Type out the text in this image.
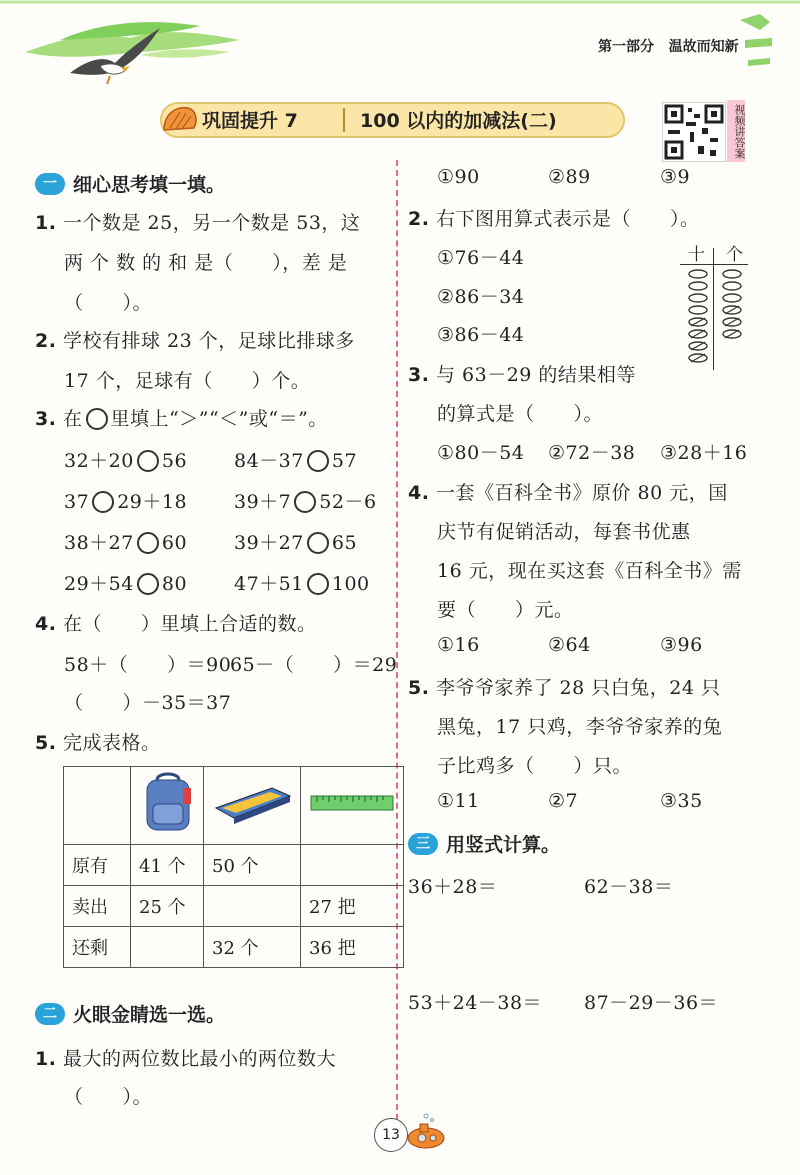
第一部分 温故而知新
巩固提升 7	100 以内的加减法(二)	视频讲答案
一 细心思考填一填。
1. 一个数是 25，另一个数是 53，这
两 个 数 的 和 是（　　），差 是
（　　）。
2. 学校有排球 23 个，足球比排球多
17 个，足球有（　　）个。
3. 在 里填上“＞”“＜”或“＝”。
32＋20 56 84－37 57
37 29＋18 39＋7 52－6
38＋27 60 39＋27 65
29＋54 80 47＋51 100
4. 在（　　）里填上合适的数。
58＋（　　）＝90
65－（　　）＝29
（　　）－35＝37
5. 完成表格。

原有	41 个	50 个	
卖出	25 个		27 把
还剩		32 个	36 把
二 火眼金睛选一选。
1. 最大的两位数比最小的两位数大
（　　）。
①90	②89	③9
2. 右下图用算式表示是（　　）。
①76－44
②86－34
③86－44
十 个
3. 与 63－29 的结果相等
的算式是（　　）。
①80－54 ②72－38 ③28＋16
4. 一套《百科全书》原价 80 元，国
庆节有促销活动，每套书优惠
16 元，现在买这套《百科全书》需
要（　　）元。
①16	②64	③96
5. 李爷爷家养了 28 只白兔，24 只
黑兔，17 只鸡，李爷爷家养的兔
子比鸡多（　　）只。
①11	②7	③35
三 用竖式计算。
36＋28＝	62－38＝
53＋24－38＝ 87－29－36＝
13
